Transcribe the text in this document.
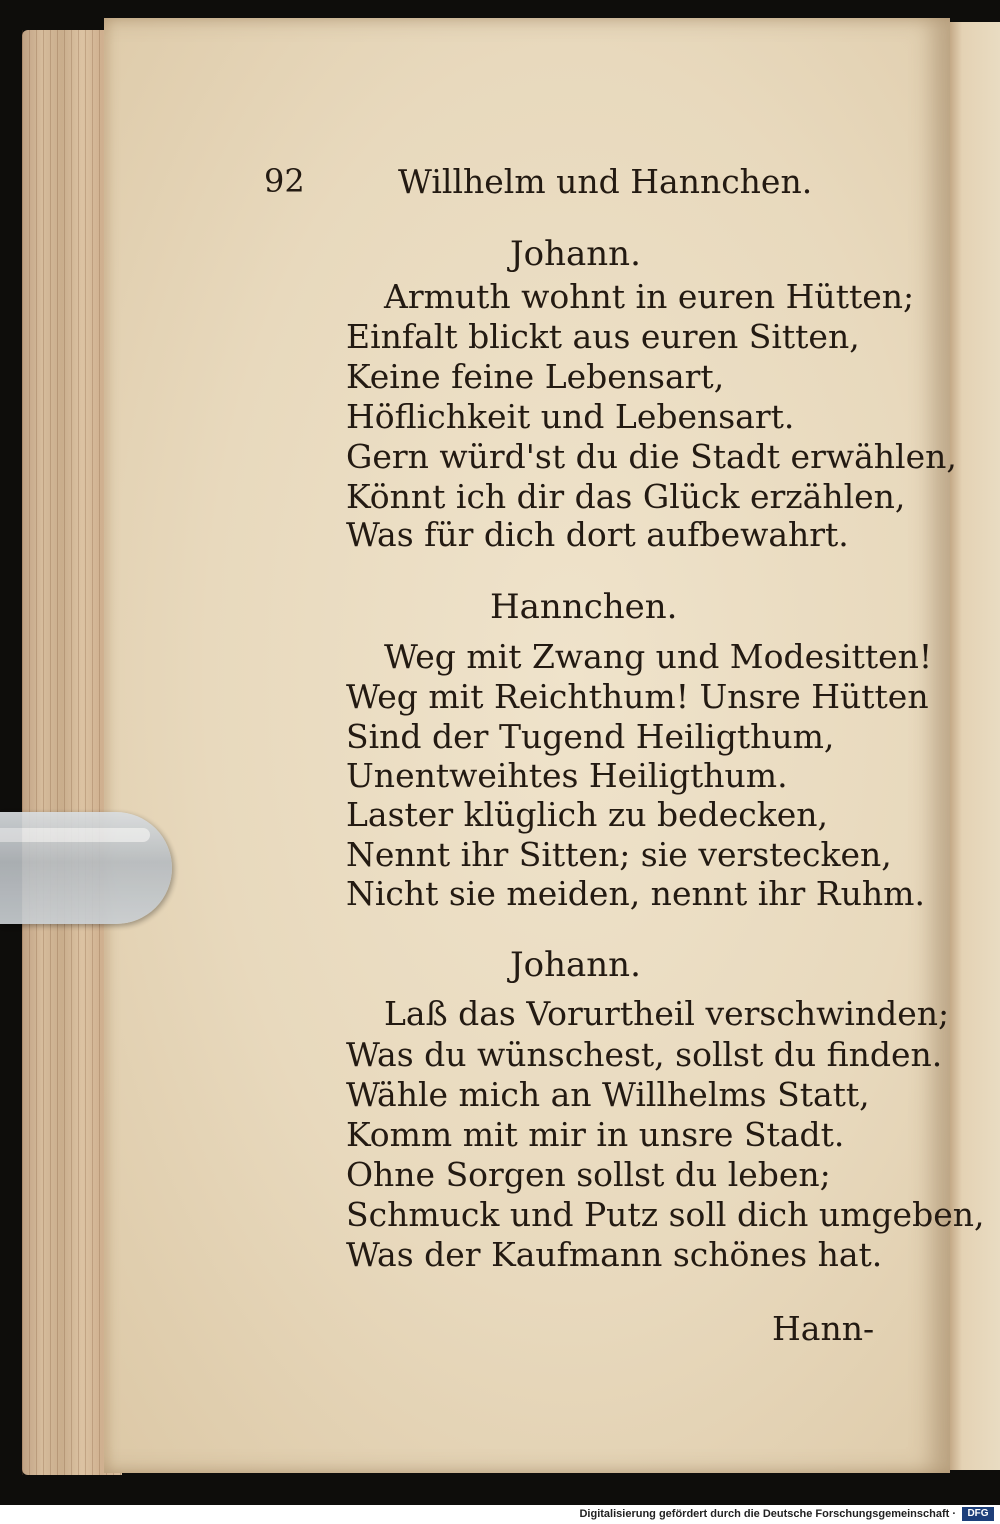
92	Willhelm und Hannchen.
Johann.
Armuth wohnt in euren Hütten;
Einfalt blickt aus euren Sitten,
Keine feine Lebensart,
Höflichkeit und Lebensart.
Gern würd'st du die Stadt erwählen,
Könnt ich dir das Glück erzählen,
Was für dich dort aufbewahrt.
Hannchen.
Weg mit Zwang und Modesitten!
Weg mit Reichthum! Unsre Hütten
Sind der Tugend Heiligthum,
Unentweihtes Heiligthum.
Laster klüglich zu bedecken,
Nennt ihr Sitten; sie verstecken,
Nicht sie meiden, nennt ihr Ruhm.
Johann.
Laß das Vorurtheil verschwinden;
Was du wünschest, sollst du finden.
Wähle mich an Willhelms Statt,
Komm mit mir in unsre Stadt.
Ohne Sorgen sollst du leben;
Schmuck und Putz soll dich umgeben,
Was der Kaufmann schönes hat.
Hann-
Digitalisierung gefördert durch die Deutsche Forschungsgemeinschaft ·	DFG
